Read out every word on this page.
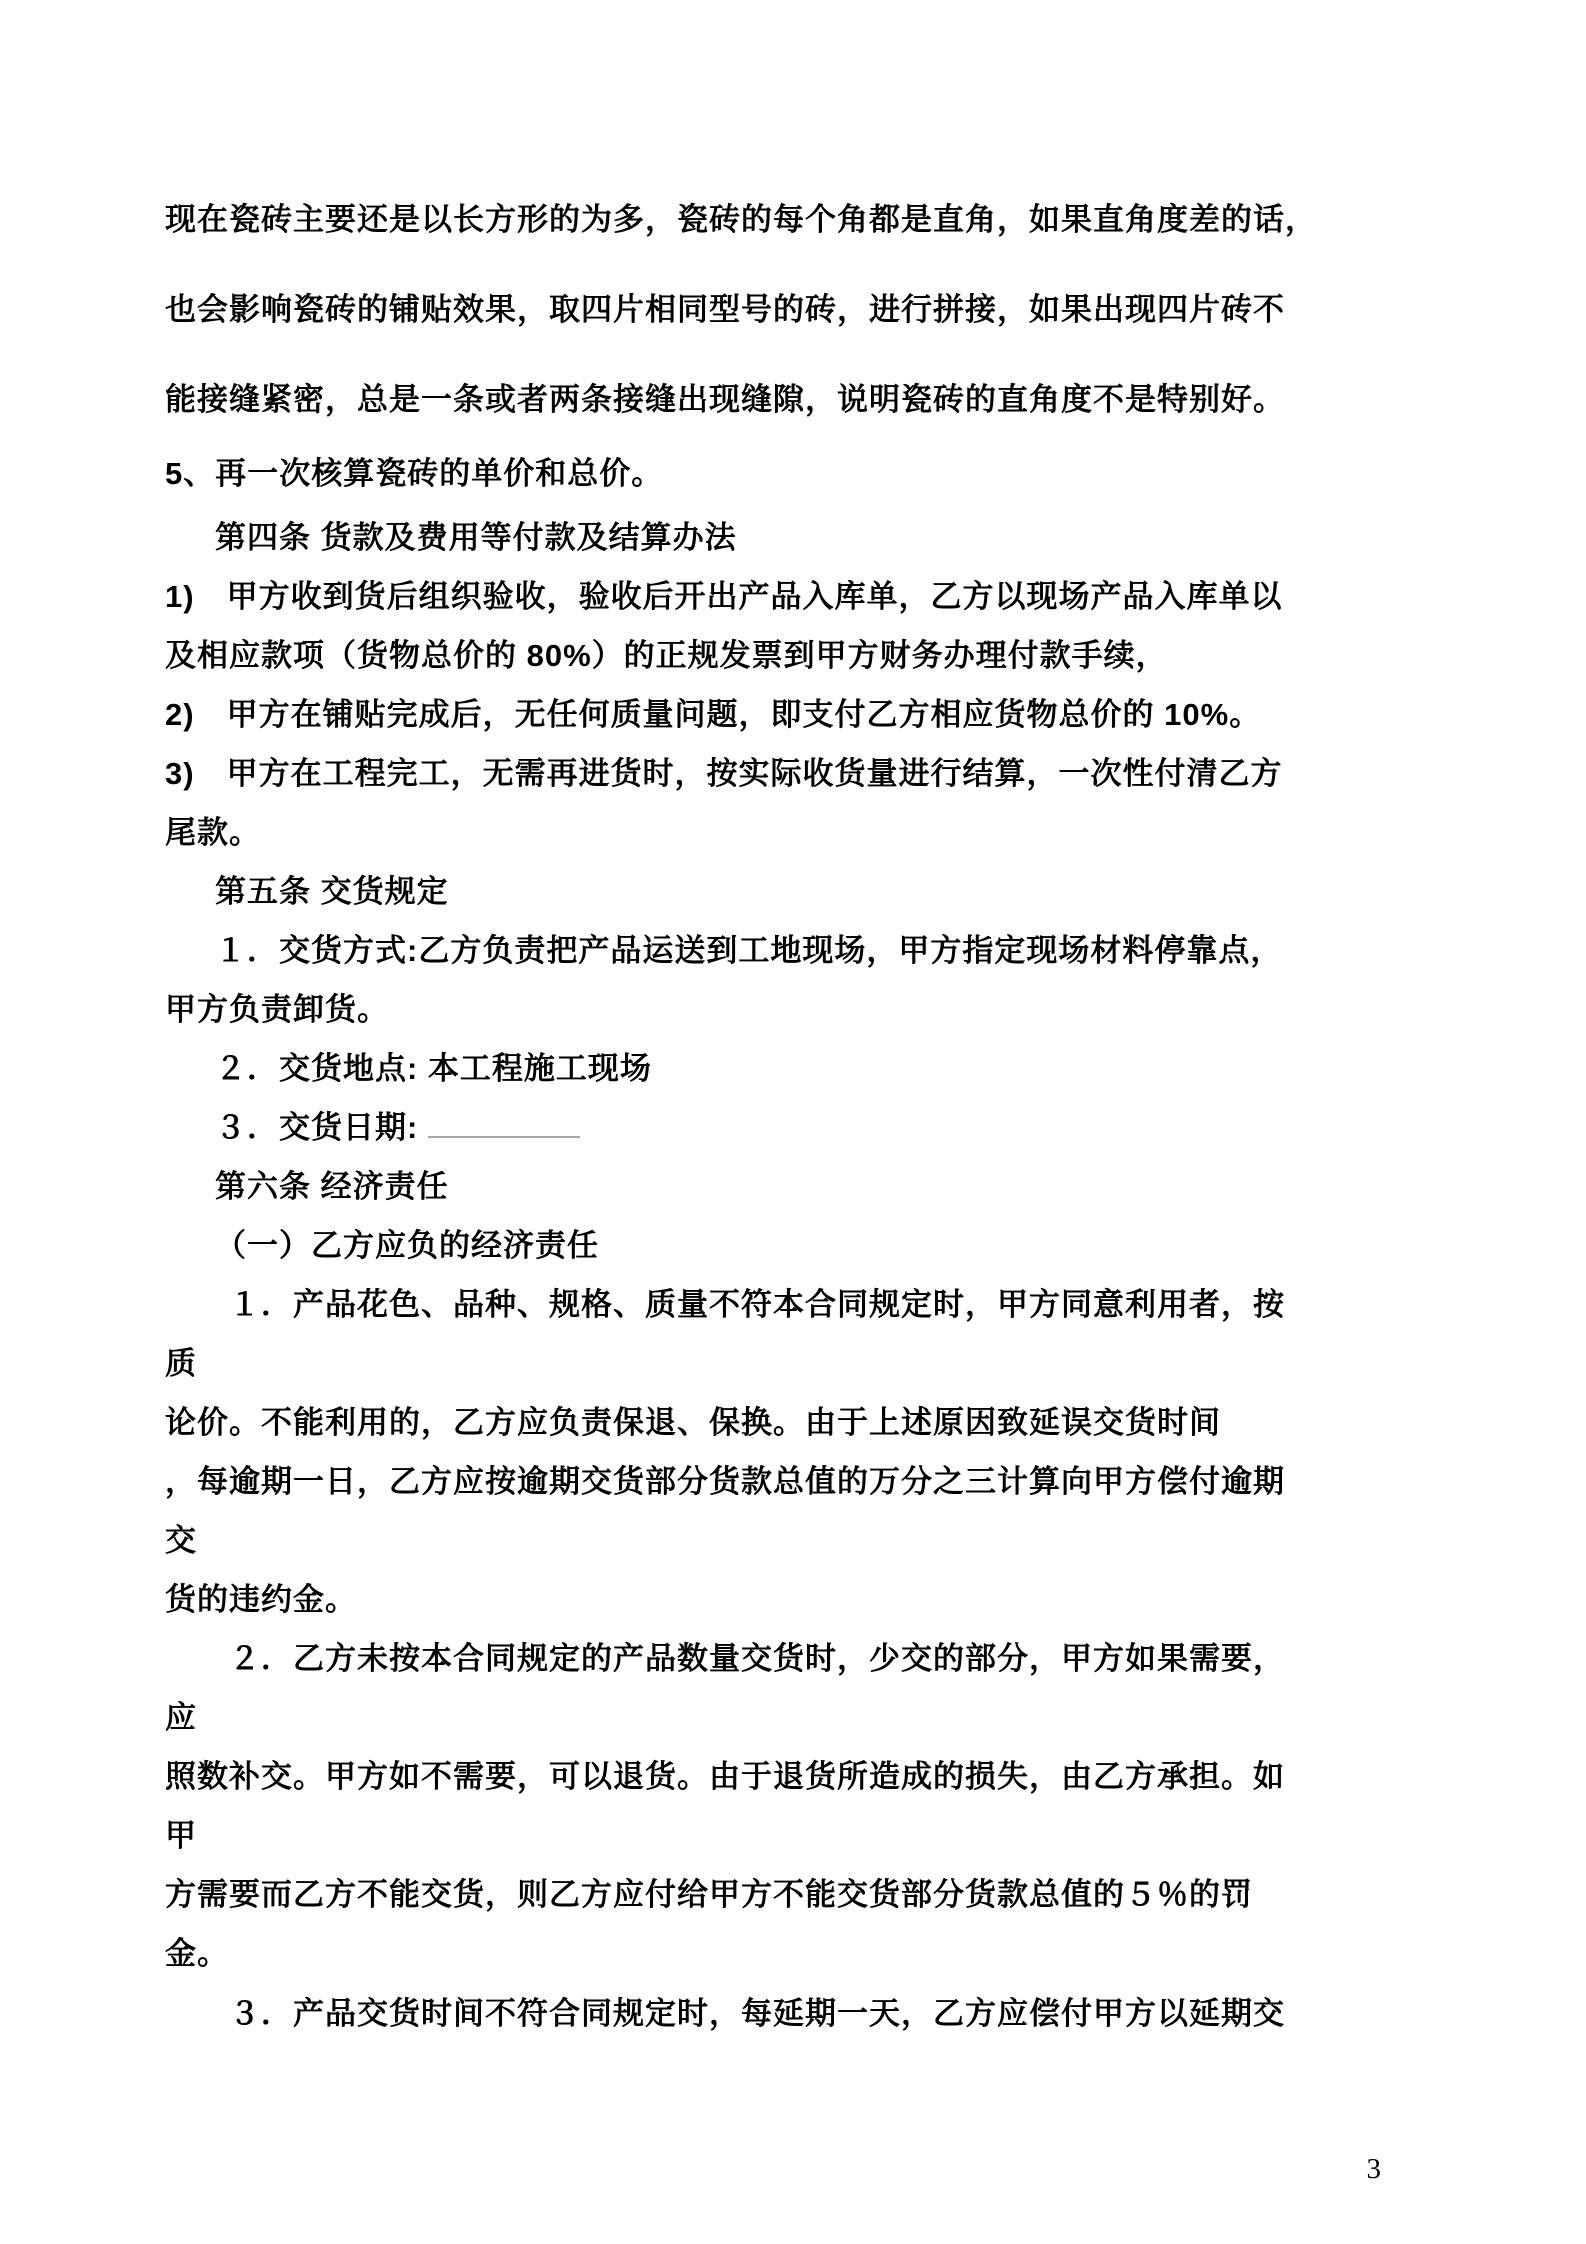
现在瓷砖主要还是以长方形的为多，瓷砖的每个角都是直角，如果直角度差的话，

也会影响瓷砖的铺贴效果，取四片相同型号的砖，进行拼接，如果出现四片砖不

能接缝紧密，总是一条或者两条接缝出现缝隙，说明瓷砖的直角度不是特别好。

5、再一次核算瓷砖的单价和总价。

第四条 货款及费用等付款及结算办法

1)　甲方收到货后组织验收，验收后开出产品入库单，乙方以现场产品入库单以

及相应款项（货物总价的 80%）的正规发票到甲方财务办理付款手续，

2)　甲方在铺贴完成后，无任何质量问题，即支付乙方相应货物总价的 10%。

3)　甲方在工程完工，无需再进货时，按实际收货量进行结算，一次性付清乙方

尾款。

第五条 交货规定

１．交货方式:乙方负责把产品运送到工地现场，甲方指定现场材料停靠点，

甲方负责卸货。

２．交货地点: 本工程施工现场

３．交货日期:

第六条 经济责任

（一）乙方应负的经济责任

１．产品花色、品种、规格、质量不符本合同规定时，甲方同意利用者，按

质

论价。不能利用的，乙方应负责保退、保换。由于上述原因致延误交货时间

，每逾期一日，乙方应按逾期交货部分货款总值的万分之三计算向甲方偿付逾期

交

货的违约金。

２．乙方未按本合同规定的产品数量交货时，少交的部分，甲方如果需要，

应

照数补交。甲方如不需要，可以退货。由于退货所造成的损失，由乙方承担。如

甲

方需要而乙方不能交货，则乙方应付给甲方不能交货部分货款总值的５％的罚

金。

３．产品交货时间不符合同规定时，每延期一天，乙方应偿付甲方以延期交

3
